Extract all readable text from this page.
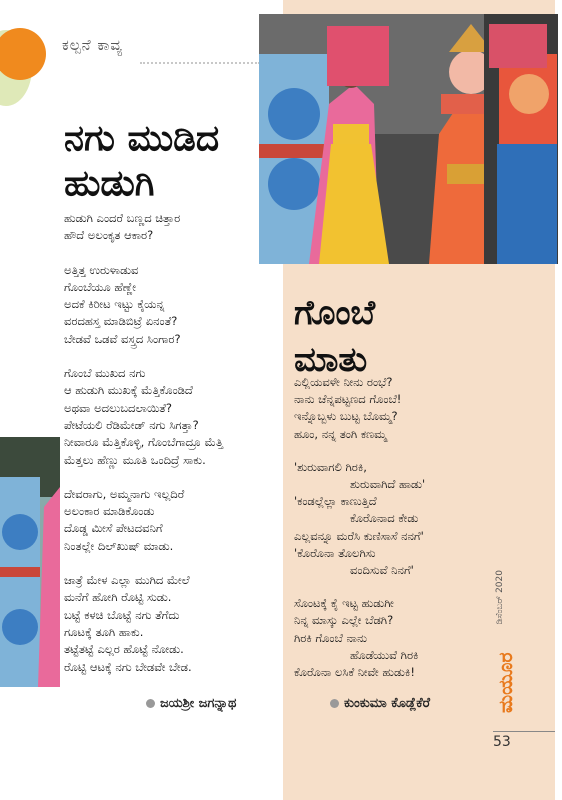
ಕಲ್ಪನೆ ಕಾವ್ಯ
ನಗು ಮುಡಿದ
ಹುಡುಗಿ
ಹುಡುಗಿ ಎಂದರೆ ಬಣ್ಣದ ಚಿತ್ತಾರ
ಹೌದೆ ಅಲಂಕೃತ ಆಕಾರ?
ಅತ್ತಿತ್ತ ಉರುಳಾಡುವ
ಗೊಂಬೆಯೂ ಹೆಣ್ಣೇ
ಅದಕೆ ಕಿರೀಟ ಇಟ್ಟು ಕೈಯನ್ನ
ವರದಹಸ್ತ ಮಾಡಿಬಿಟ್ರೆ ಏನಂತೆ?
ಬೇಡವೆ ಒಡವೆ ವಸ್ತ್ರದ ಸಿಂಗಾರ?
ಗೊಂಬೆ ಮುಖದ ನಗು
ಆ ಹುಡುಗಿ ಮುಖಕ್ಕೆ ಮೆತ್ತಿಕೊಂಡಿದೆ
ಅಥವಾ ಅದಲುಬದಲಾಯಿತೆ?
ಪೇಟೆಯಲಿ ರೆಡಿಮೇಡ್ ನಗು ಸಿಗತ್ತಾ?
ನೀವಾರೂ ಮೆತ್ತಿಕೊಳ್ಳಿ, ಗೊಂಬೆಗಾದ್ರೂ ಮೆತ್ತಿ
ಮೆತ್ತಲು ಹೆಣ್ಣು ಮೂತಿ ಒಂದಿದ್ರೆ ಸಾಕು.
ದೇವರಾಗು, ಅಮ್ಮನಾಗು ಇಲ್ಲದಿರೆ
ಅಲಂಕಾರ ಮಾಡಿಕೊಂಡು
ದೊಡ್ಡ ಮೀಸೆ ಪೇಟದವನಿಗೆ
ನಿಂತಲ್ಲೇ ದಿಲ್‌ಖುಷ್ ಮಾಡು.
ಜಾತ್ರೆ ಮೇಳ ಎಲ್ಲಾ ಮುಗಿದ ಮೇಲೆ
ಮನೆಗೆ ಹೋಗಿ ರೊಟ್ಟಿ ಸುಡು.
ಬಟ್ಟೆ ಕಳಚಿ ಬೊಟ್ಟೆ ನಗು ತೆಗೆದು
ಗೂಟಕ್ಕೆ ತೂಗಿ ಹಾಕು.
ತಟ್ಟೆತಟ್ಟೆ ಎಲ್ಲರ ಹೊಟ್ಟೆ ನೋಡು.
ರೊಟ್ಟಿ ಆಟಕ್ಕೆ ನಗು ಬೇಡವೇ ಬೇಡ.
ಜಯಶ್ರೀ ಜಗನ್ನಾಥ
ಗೊಂಬೆ
ಮಾತು
ಎಲ್ಲಿಯವಳೇ ನೀನು ರಂಭೆ?
ನಾನು ಚೆನ್ನಪಟ್ಟಣದ ಗೊಂಬೆ!
ಇನ್ನೊಬ್ಬಳು ಬುಟ್ಟ ಬೊಮ್ಮ?
ಹೂಂ, ನನ್ನ ತಂಗಿ ಕಣಮ್ಮ
'ಶುರುವಾಗಲಿ ಗಿರಕಿ,
ಶುರುವಾಗಿದೆ ಹಾಡು'
'ಕಂಡಲ್ಲೆಲ್ಲಾ ಕಾಣುತ್ತಿದೆ
ಕೊರೊನಾದ ಕೇಡು
ಎಲ್ಲವನ್ನೂ ಮರೆಸಿ ಕುಣಿಸಾಸೆ ನನಗೆ'
'ಕೊರೊನಾ ತೊಲಗಿಸು
ವಂದಿಸುವೆ ನಿನಗೆ'
ಸೊಂಟಕ್ಕೆ ಕೈ ಇಟ್ಟ ಹುಡುಗೀ
ನಿನ್ನ ಮಾಸ್ಕು ಎಲ್ಲೇ ಬೆಡಗಿ?
ಗಿರಕಿ ಗೊಂಬೆ ನಾನು
ಹೊಡೆಯುವೆ ಗಿರಕಿ
ಕೊರೊನಾ ಲಸಿಕೆ ನೀವೇ ಹುಡುಕಿ!
ಕುಂಕುಮಾ ಕೊಡ್ಲೆಕೆರೆ
ಡಿಸೆಂಬರ್ 2020
ಮಯೂರ
53
